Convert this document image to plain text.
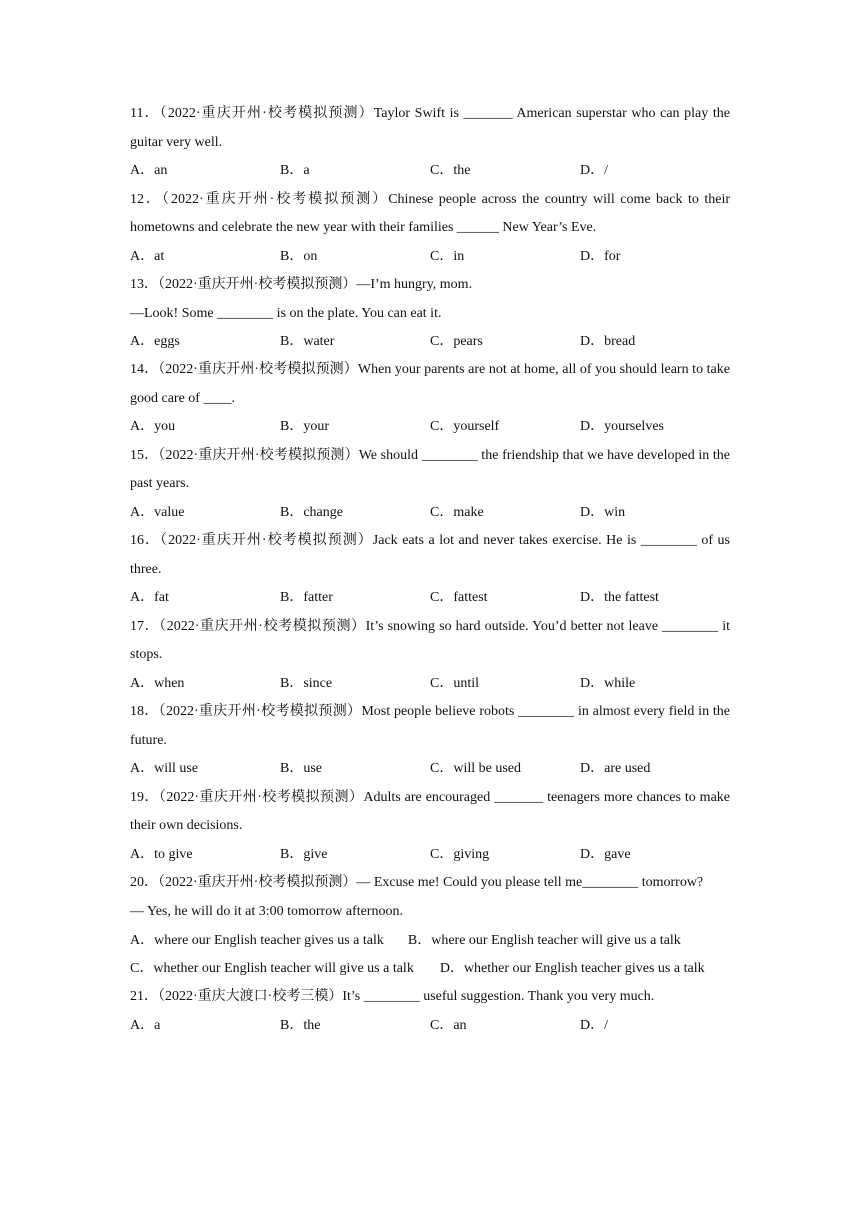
11．（2022·重庆开州·校考模拟预测）Taylor Swift is _______ American superstar who can play the guitar very well.

A．an	B．a	C．the	D．/

12．（2022·重庆开州·校考模拟预测）Chinese people across the country will come back to their hometowns and celebrate the new year with their families ______ New Year’s Eve.

A．at	B．on	C．in	D．for

13．（2022·重庆开州·校考模拟预测）—I’m hungry, mom.

—Look! Some ________ is on the plate. You can eat it.

A．eggs	B．water	C．pears	D．bread

14．（2022·重庆开州·校考模拟预测）When your parents are not at home, all of you should learn to take good care of ____.

A．you	B．your	C．yourself	D．yourselves

15．（2022·重庆开州·校考模拟预测）We should ________ the friendship that we have developed in the past years.

A．value	B．change	C．make	D．win

16．（2022·重庆开州·校考模拟预测）Jack eats a lot and never takes exercise. He is ________ of us three.

A．fat	B．fatter	C．fattest	D．the fattest

17．（2022·重庆开州·校考模拟预测）It’s snowing so hard outside. You’d better not leave ________ it stops.

A．when	B．since	C．until	D．while

18．（2022·重庆开州·校考模拟预测）Most people believe robots ________ in almost every field in the future.

A．will use	B．use	C．will be used	D．are used

19．（2022·重庆开州·校考模拟预测）Adults are encouraged _______ teenagers more chances to make their own decisions.

A．to give	B．give	C．giving	D．gave

20．（2022·重庆开州·校考模拟预测）— Excuse me! Could you please tell me________ tomorrow?

— Yes, he will do it at 3:00 tomorrow afternoon.

A．where our English teacher gives us a talk B．where our English teacher will give us a talk

C．whether our English teacher will give us a talk D．whether our English teacher gives us a talk

21．（2022·重庆大渡口·校考三模）It’s ________ useful suggestion. Thank you very much.

A．a	B．the	C．an	D．/
